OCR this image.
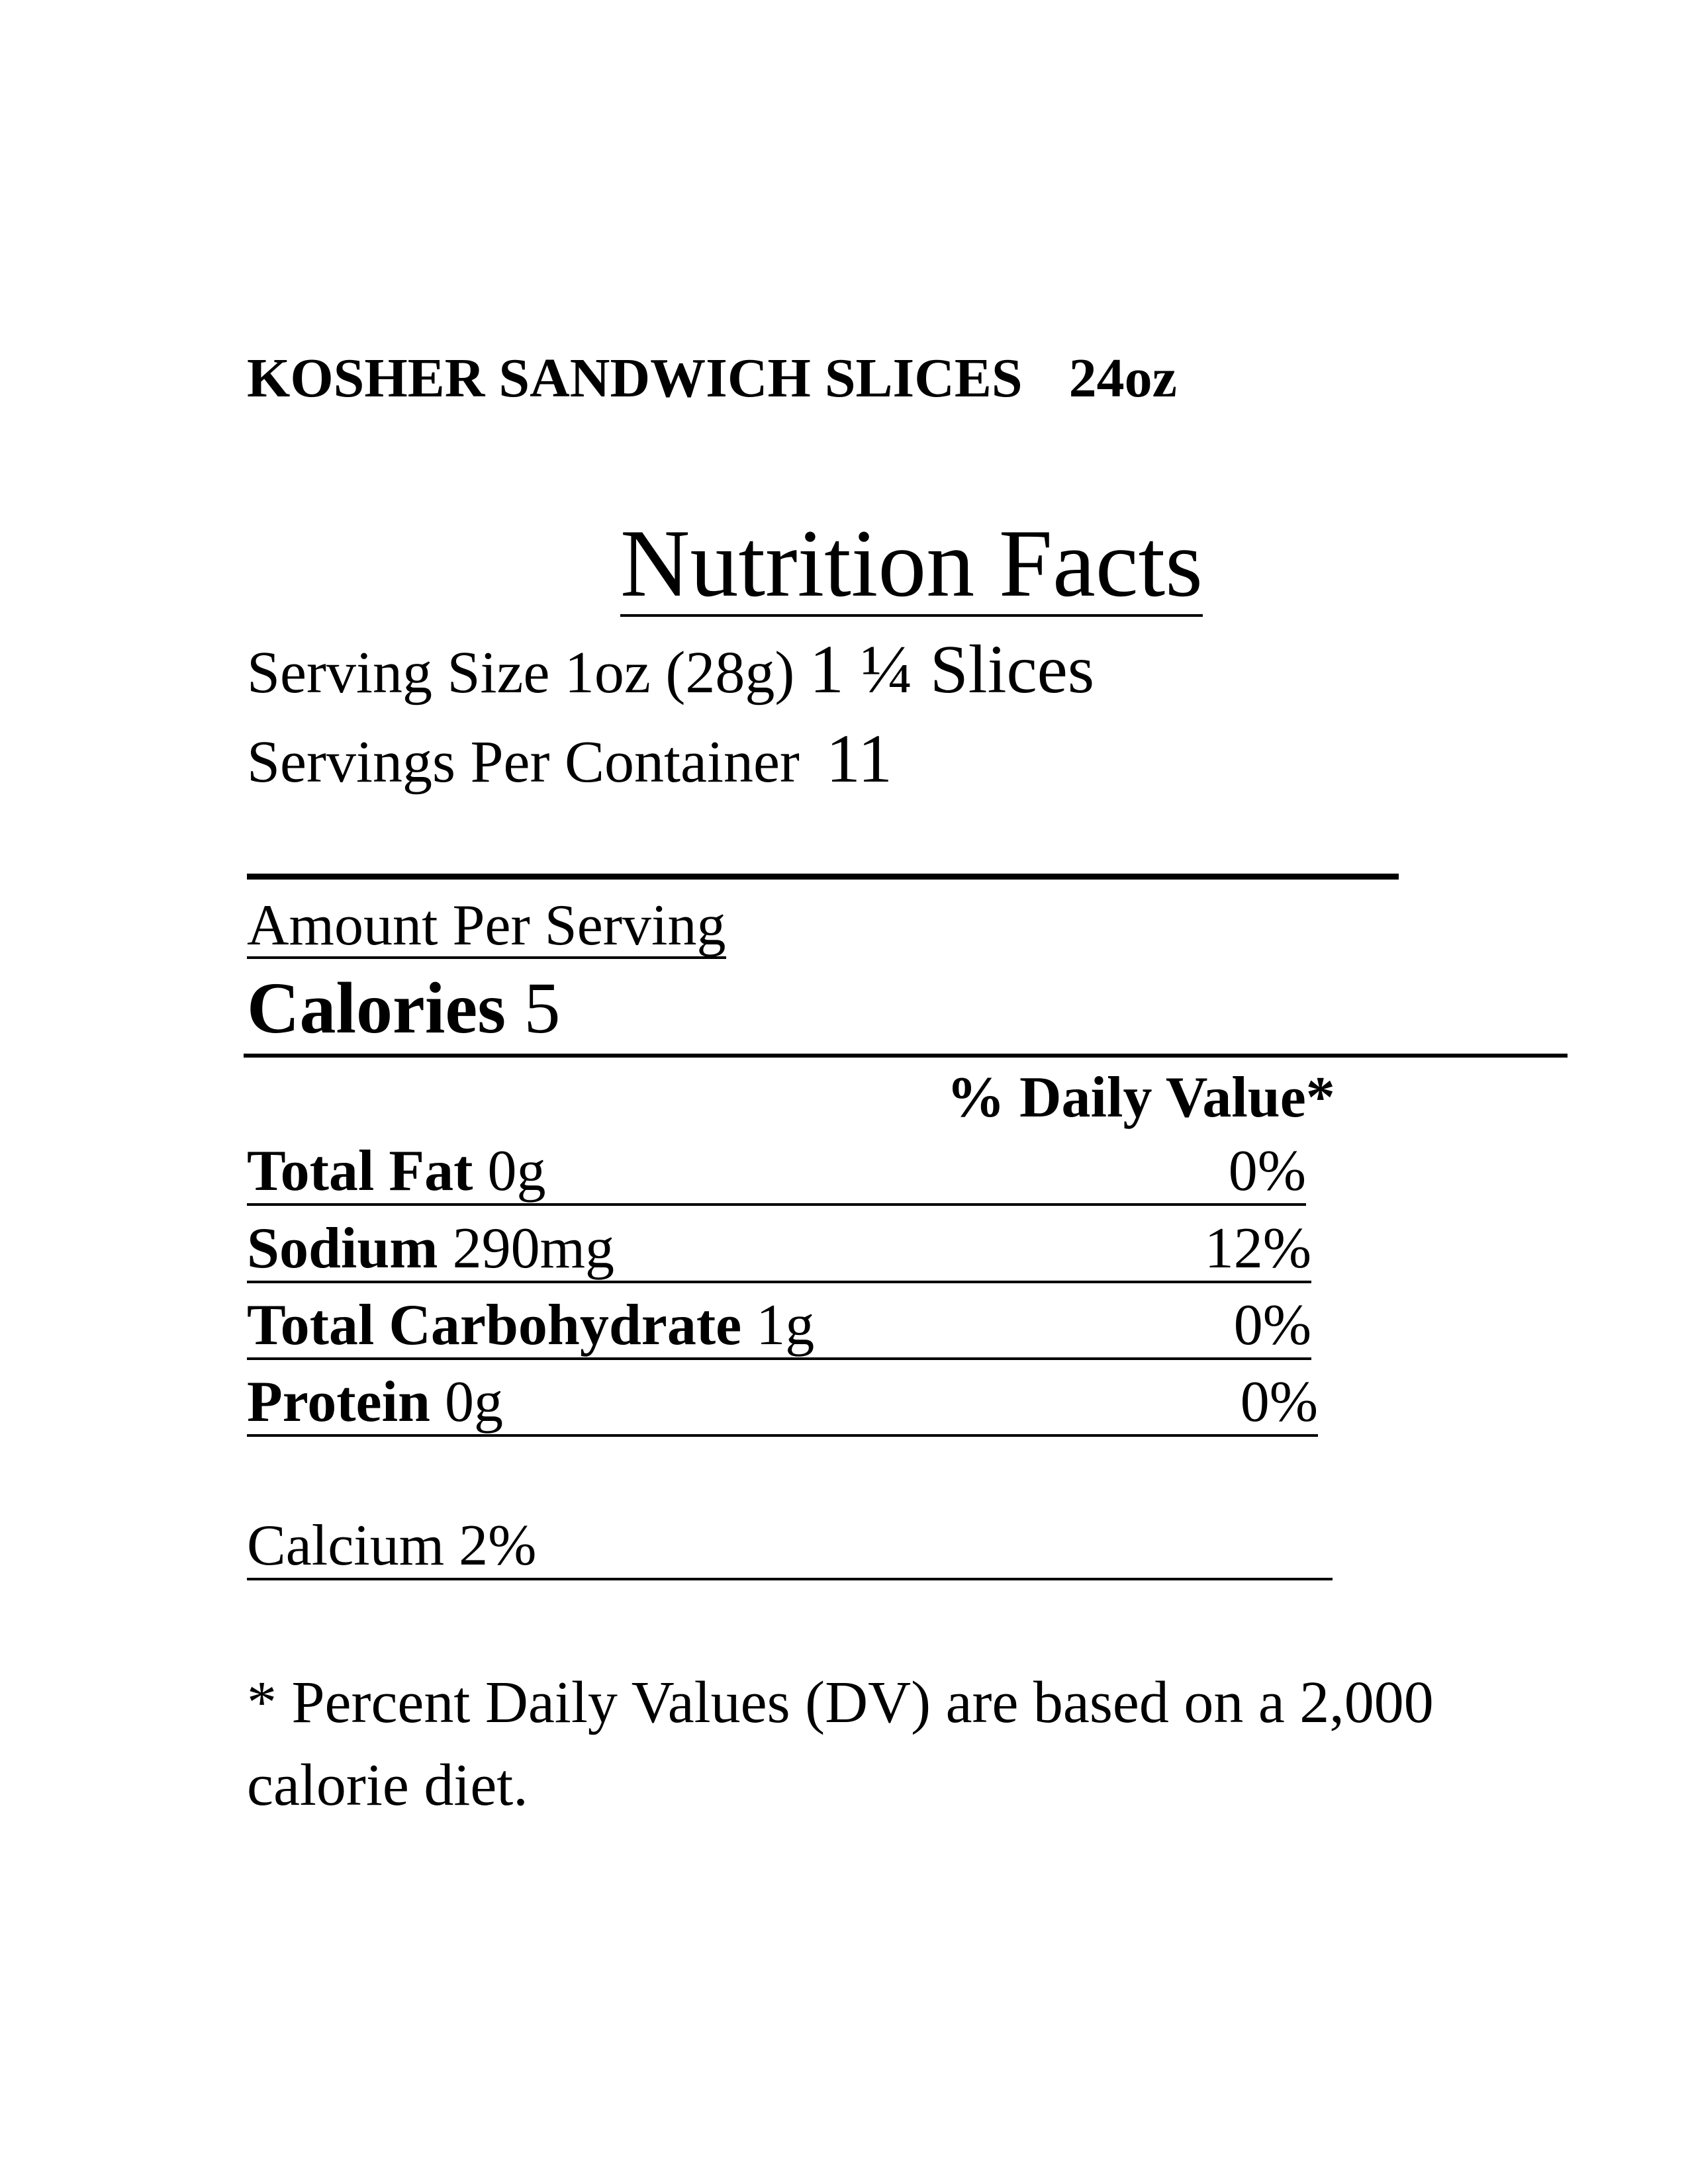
KOSHER SANDWICH SLICES 24oz
Nutrition Facts
Serving Size 1oz (28g) 1 ¼ Slices
Servings Per Container 11
Amount Per Serving
Calories 5
% Daily Value*
Total Fat 0g	0%
Sodium 290mg	12%
Total Carbohydrate 1g	0%
Protein 0g	0%
Calcium 2%
* Percent Daily Values (DV) are based on a 2,000 calorie diet.
